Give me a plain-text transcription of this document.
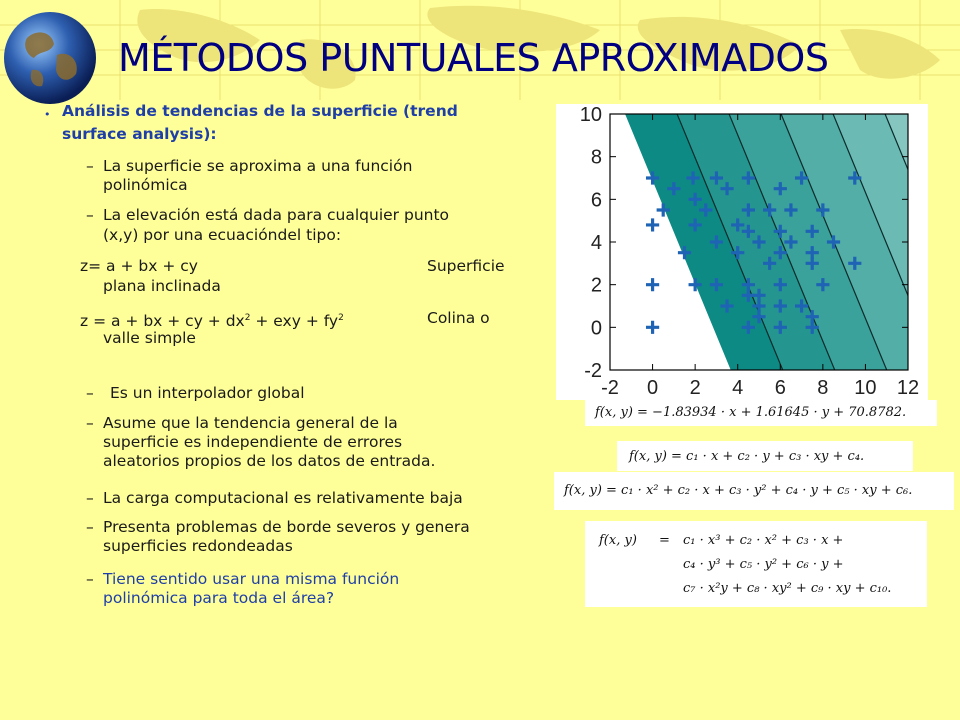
MÉTODOS PUNTUALES APROXIMADOS
• Análisis de tendencias de la superficie (trend
surface analysis):
– La superficie se aproxima a una función
polinómica
– La elevación está dada para cualquier punto
(x,y) por una ecuacióndel tipo:
z= a + bx + cy	Superficie
plana inclinada
z = a + bx + cy + $dx^2$ + exy + $fy^2$	Colina o
valle simple
– Es un interpolador global
– Asume que la tendencia general de la
superficie es independiente de errores
aleatorios propios de los datos de entrada.
– La carga computacional es relativamente baja
– Presenta problemas de borde severos y genera
superficies redondeadas
– Tiene sentido usar una misma función
polinómica para toda el área?
-2 0 2 4 6 8 10 12
10
8
6
4
2
0
-2
f(x, y) = −1.83934 · x + 1.61645 · y + 70.8782.
f(x, y) = c₁ · x + c₂ · y + c₃ · xy + c₄.
f(x, y) = c₁ · x² + c₂ · x + c₃ · y² + c₄ · y + c₅ · xy + c₆.
f(x, y) = c₁ · x³ + c₂ · x² + c₃ · x +
c₄ · y³ + c₅ · y² + c₆ · y +
c₇ · x²y + c₈ · xy² + c₉ · xy + c₁₀.
